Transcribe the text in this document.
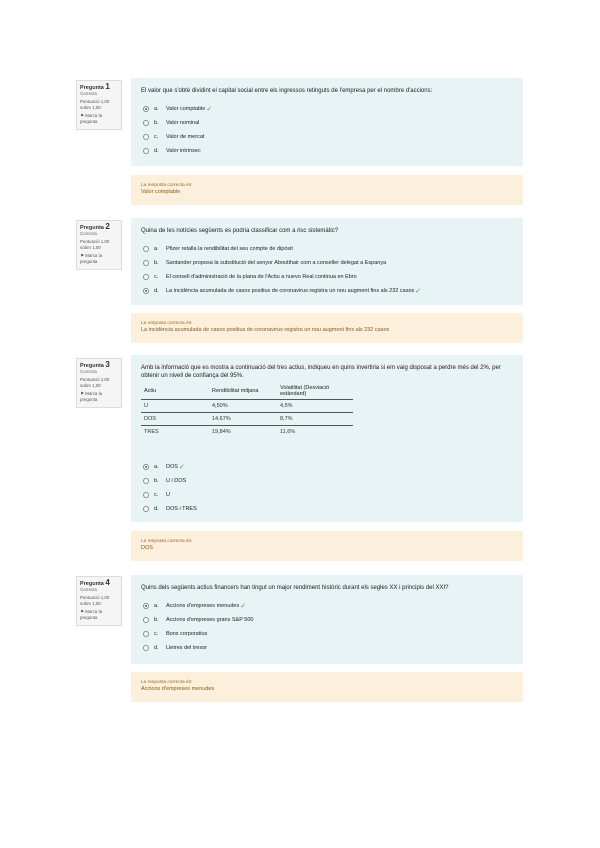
Pregunta 1
Correcta
Puntuació 1,00
sobre 1,00
⚑ Marca la pregunta
El valor que s'obté dividint el capital social entre els ingressos retinguts de l'empresa per el nombre d'accions:
a.	Valor comptable ✓
b.	Valor nominal
c.	Valor de mercat
d.	Valor intrínsec
La resposta correcta és:
Valor comptable
Pregunta 2
Correcta
Puntuació 1,00
sobre 1,00
⚑ Marca la pregunta
Quina de les notícies següents es podria classificar com a risc sistemàtic?
a.	Pfizer retalla la rendibilitat del seu compte de dipòsit
b.	Santander proposa la substitució del senyor Aboutihair com a conseller delegat a Espanya
c.	El consell d'administració de la plana de l'Actiu a nuevo Real continua en Ebro
d.	La incidència acumulada de casos positius de coronavirus registra un nou augment fins als 232 casos ✓
La resposta correcta és:
La incidència acumulada de casos positius de coronavirus registra un nou augment fins als 232 casos
Pregunta 3
Correcta
Puntuació 1,00
sobre 1,00
⚑ Marca la pregunta
Amb la informació que es mostra a continuació del tres actius, indiqueu en quins invertiria si em vaig disposat a perdre més del 2%, per obtenir un nivell de confiança del 95%.
Actiu	Rendibilitat mitjana	Volatilitat (Desviació estàndard)
U	4,50%	4,5%
DOS	14,67%	8,7%
TRES	19,84%	11,6%
a.	DOS ✓
b.	U i DOS
c.	U
d.	DOS i TRES
La resposta correcta és:
DOS
Pregunta 4
Correcta
Puntuació 1,00
sobre 1,00
⚑ Marca la pregunta
Quins dels següents actius financers han tingut un major rendiment històric durant els segles XX i principis del XXI?
a.	Accions d'empreses menudes ✓
b.	Accions d'empreses grans S&P 500
c.	Bons corporatius
d.	Lletres del tresor
La resposta correcta és:
Accions d'empreses menudes
